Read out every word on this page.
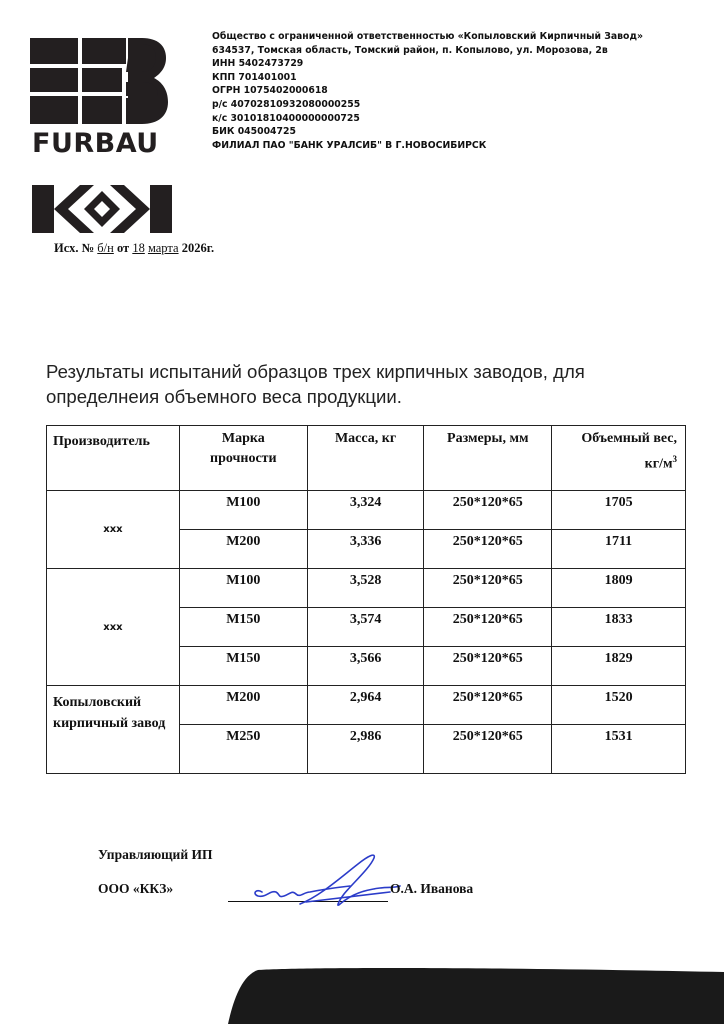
FURBAU
Общество с ограниченной ответственностью «Копыловский Кирпичный Завод»
634537, Томская область, Томский район, п. Копылово, ул. Морозова, 2в
ИНН 5402473729
КПП 701401001
ОГРН 1075402000618
р/с 40702810932080000255
к/с 30101810400000000725
БИК 045004725
ФИЛИАЛ ПАО "БАНК УРАЛСИБ" В Г.НОВОСИБИРСК
Исх. № б/н от 18 марта 2026г.
Результаты испытаний образцов трех кирпичных заводов, для определнеия объемного веса продукции.
Производитель	Марка прочности	Масса, кг	Размеры, мм	Объемный вес, $кг/м^3$
xxx	М100	3,324	250*120*65	1705
	М200	3,336	250*120*65	1711
xxx	М100	3,528	250*120*65	1809
	М150	3,574	250*120*65	1833
	М150	3,566	250*120*65	1829
Копыловский кирпичный завод	М200	2,964	250*120*65	1520
	М250	2,986	250*120*65	1531
Управляющий ИП
ООО «ККЗ»	О.А. Иванова
